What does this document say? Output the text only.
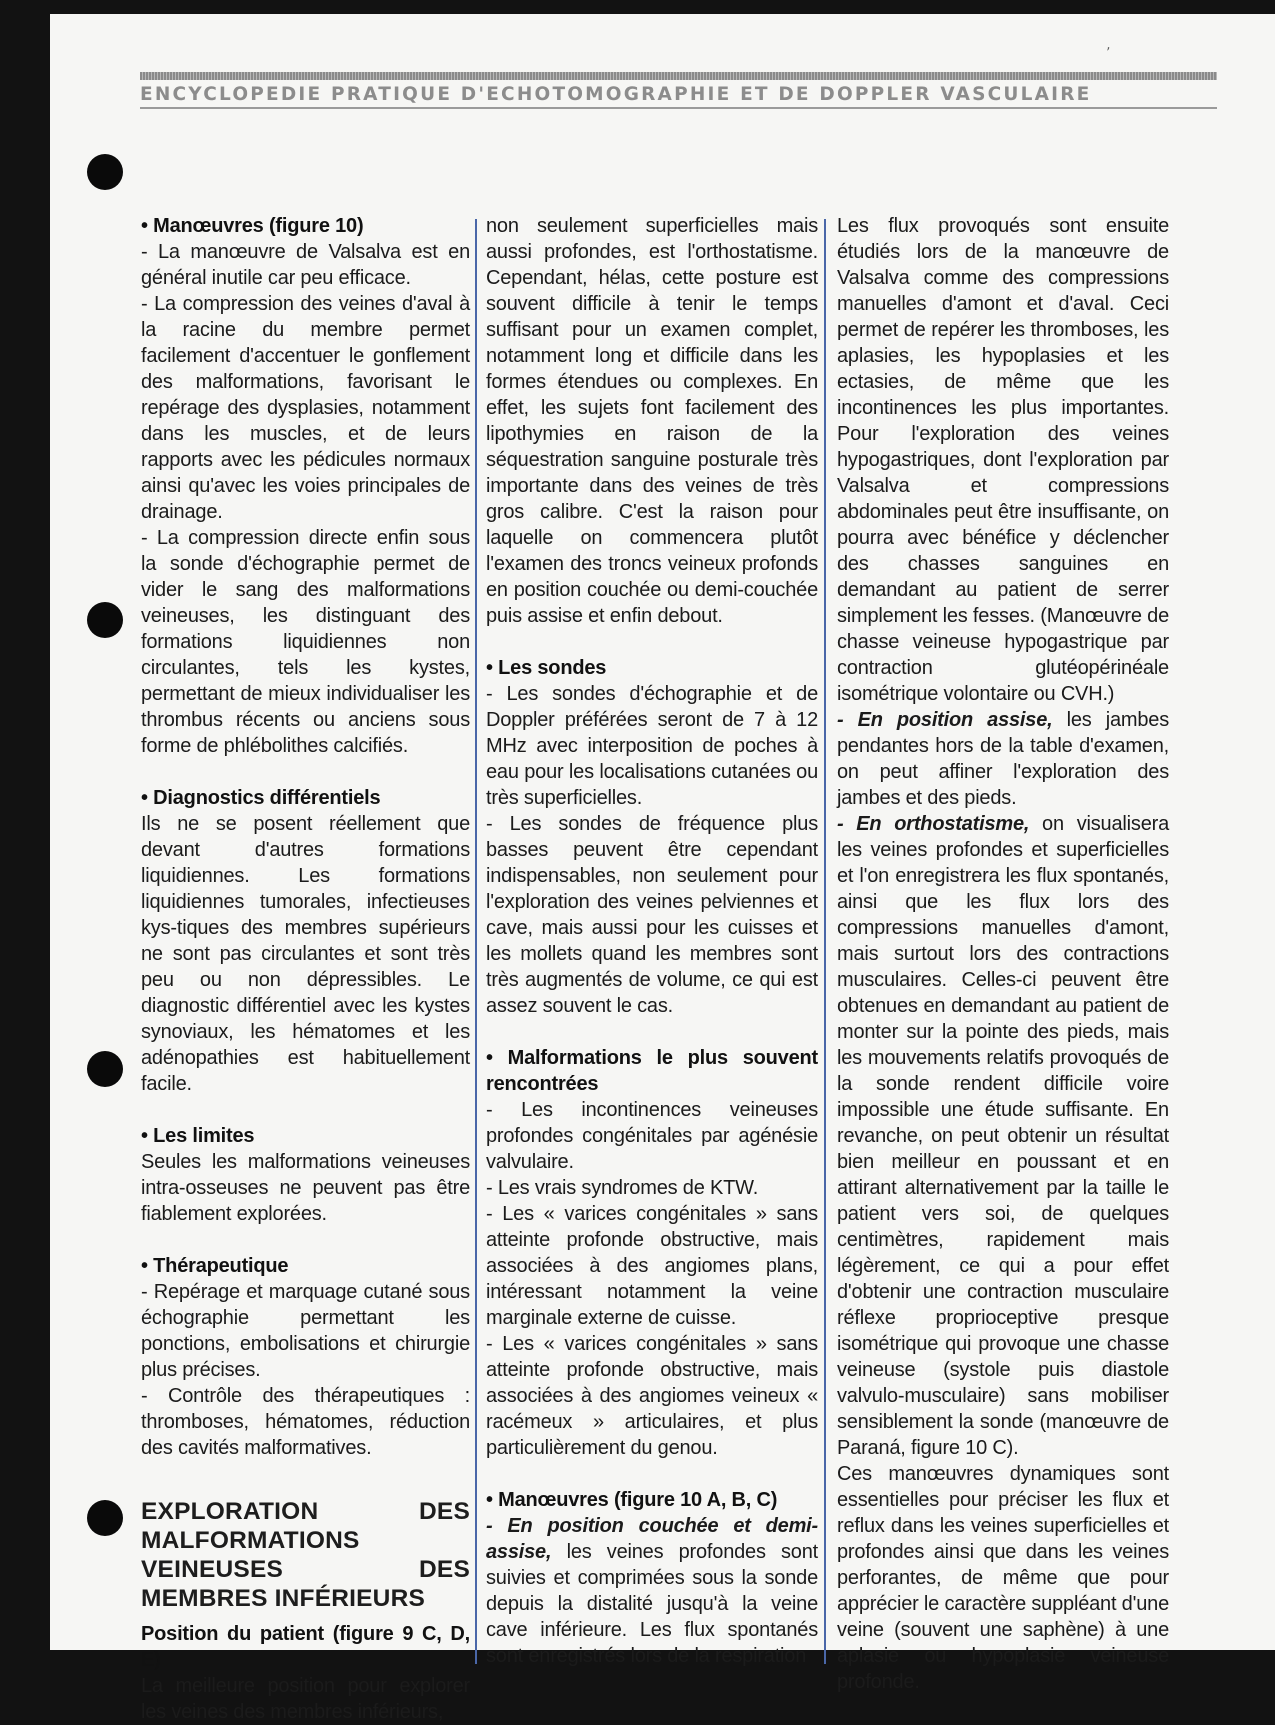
,
ENCYCLOPEDIE PRATIQUE D'ECHOTOMOGRAPHIE ET DE DOPPLER VASCULAIRE

• Manœuvres (figure 10)

- La manœuvre de Valsalva est en général inutile car peu efficace.

- La compression des veines d'aval à la racine du membre permet facilement d'accentuer le gonflement des malformations, favorisant le repérage des dysplasies, notamment dans les muscles, et de leurs rapports avec les pédicules normaux ainsi qu'avec les voies principales de drainage.

- La compression directe enfin sous la sonde d'échographie permet de vider le sang des malformations veineuses, les distinguant des formations liquidiennes non circulantes, tels les kystes, permettant de mieux individualiser les thrombus récents ou anciens sous forme de phlébolithes calcifiés.

• Diagnostics différentiels

Ils ne se posent réellement que devant d'autres formations liquidiennes. Les formations liquidiennes tumorales, infectieuses kys-tiques des membres supérieurs ne sont pas circulantes et sont très peu ou non dépressibles. Le diagnostic différentiel avec les kystes synoviaux, les hématomes et les adénopathies est habituellement facile.

• Les limites

Seules les malformations veineuses intra-osseuses ne peuvent pas être fiablement explorées.

• Thérapeutique

- Repérage et marquage cutané sous échographie permettant les ponctions, embolisations et chirurgie plus précises.

- Contrôle des thérapeutiques : thromboses, hématomes, réduction des cavités malformatives.

EXPLORATION DES MALFORMATIONS VEINEUSES DES MEMBRES INFÉRIEURS

Position du patient (figure 9 C, D, E)

La meilleure position pour explorer les veines des membres inférieurs,

non seulement superficielles mais aussi profondes, est l'orthostatisme. Cependant, hélas, cette posture est souvent difficile à tenir le temps suffisant pour un examen complet, notamment long et difficile dans les formes étendues ou complexes. En effet, les sujets font facilement des lipothymies en raison de la séquestration sanguine posturale très importante dans des veines de très gros calibre. C'est la raison pour laquelle on commencera plutôt l'examen des troncs veineux profonds en position couchée ou demi-couchée puis assise et enfin debout.

• Les sondes

- Les sondes d'échographie et de Doppler préférées seront de 7 à 12 MHz avec interposition de poches à eau pour les localisations cutanées ou très superficielles.

- Les sondes de fréquence plus basses peuvent être cependant indispensables, non seulement pour l'exploration des veines pelviennes et cave, mais aussi pour les cuisses et les mollets quand les membres sont très augmentés de volume, ce qui est assez souvent le cas.

• Malformations le plus souvent rencontrées

- Les incontinences veineuses profondes congénitales par agénésie valvulaire.

- Les vrais syndromes de KTW.

- Les « varices congénitales » sans atteinte profonde obstructive, mais associées à des angiomes plans, intéressant notamment la veine marginale externe de cuisse.

- Les « varices congénitales » sans atteinte profonde obstructive, mais associées à des angiomes veineux « racémeux » articulaires, et plus particulièrement du genou.

• Manœuvres (figure 10 A, B, C)

- En position couchée et demi-assise, les veines profondes sont suivies et comprimées sous la sonde depuis la distalité jusqu'à la veine cave inférieure. Les flux spontanés sont enregistrés lors de la respiration

Les flux provoqués sont ensuite étudiés lors de la manœuvre de Valsalva comme des compressions manuelles d'amont et d'aval. Ceci permet de repérer les thromboses, les aplasies, les hypoplasies et les ectasies, de même que les incontinences les plus importantes. Pour l'exploration des veines hypogastriques, dont l'exploration par Valsalva et compressions abdominales peut être insuffisante, on pourra avec bénéfice y déclencher des chasses sanguines en demandant au patient de serrer simplement les fesses. (Manœuvre de chasse veineuse hypogastrique par contraction glutéopérinéale isométrique volontaire ou CVH.)

- En position assise, les jambes pendantes hors de la table d'examen, on peut affiner l'exploration des jambes et des pieds.

- En orthostatisme, on visualisera les veines profondes et superficielles et l'on enregistrera les flux spontanés, ainsi que les flux lors des compressions manuelles d'amont, mais surtout lors des contractions musculaires. Celles-ci peuvent être obtenues en demandant au patient de monter sur la pointe des pieds, mais les mouvements relatifs provoqués de la sonde rendent difficile voire impossible une étude suffisante. En revanche, on peut obtenir un résultat bien meilleur en poussant et en attirant alternativement par la taille le patient vers soi, de quelques centimètres, rapidement mais légèrement, ce qui a pour effet d'obtenir une contraction musculaire réflexe proprioceptive presque isométrique qui provoque une chasse veineuse (systole puis diastole valvulo-musculaire) sans mobiliser sensiblement la sonde (manœuvre de Paraná, figure 10 C).

Ces manœuvres dynamiques sont essentielles pour préciser les flux et reflux dans les veines superficielles et profondes ainsi que dans les veines perforantes, de même que pour apprécier le caractère suppléant d'une veine (souvent une saphène) à une aplasie ou hypoplasie veineuse profonde.
